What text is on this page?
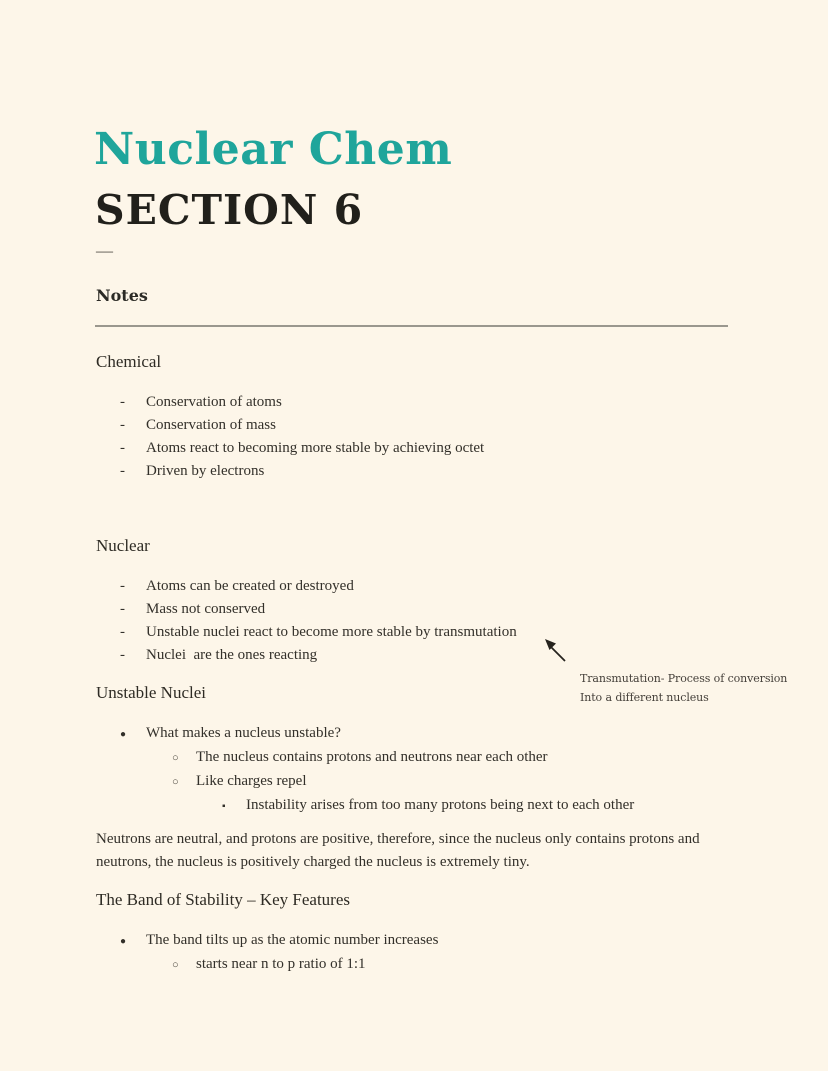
Nuclear Chem
SECTION 6
—
Notes
Chemical
- Conservation of atoms
- Conservation of mass
- Atoms react to becoming more stable by achieving octet
- Driven by electrons
Nuclear
- Atoms can be created or destroyed
- Mass not conserved
- Unstable nuclei react to become more stable by transmutation
- Nuclei  are the ones reacting
Transmutation- Process of conversion
Into a different nucleus
Unstable Nuclei
● What makes a nucleus unstable?
○ The nucleus contains protons and neutrons near each other
○ Like charges repel
▪ Instability arises from too many protons being next to each other
Neutrons are neutral, and protons are positive, therefore, since the nucleus only contains protons and neutrons, the nucleus is positively charged the nucleus is extremely tiny.
The Band of Stability – Key Features
● The band tilts up as the atomic number increases
○ starts near n to p ratio of 1:1
